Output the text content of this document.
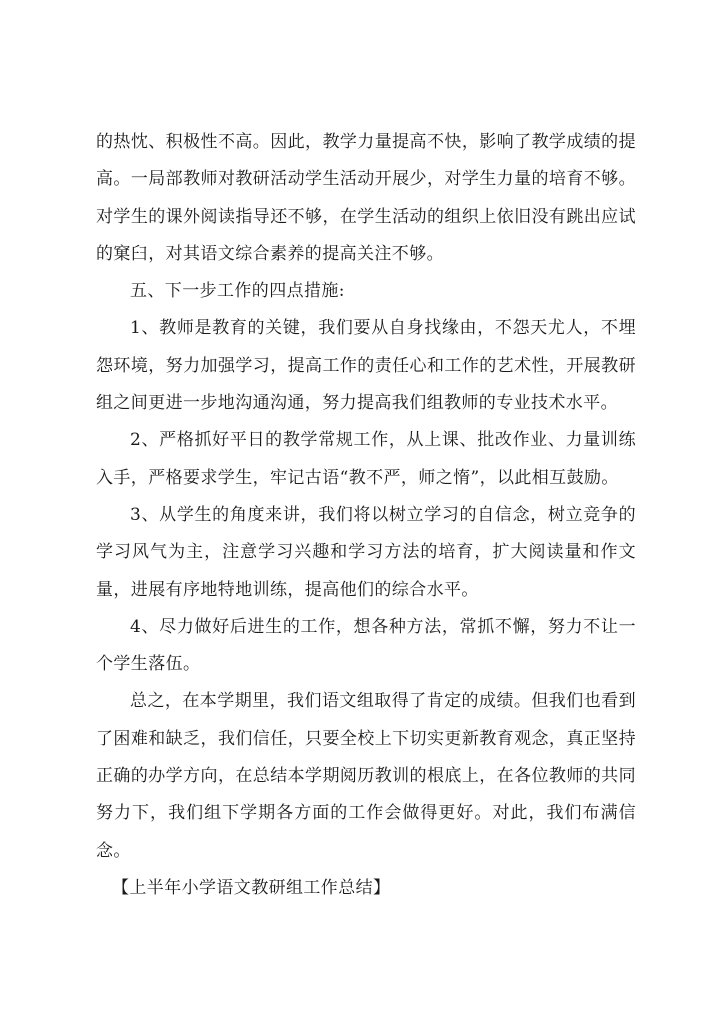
的热忱、积极性不高。因此，教学力量提高不快，影响了教学成绩的提高。一局部教师对教研活动学生活动开展少，对学生力量的培育不够。对学生的课外阅读指导还不够，在学生活动的组织上依旧没有跳出应试的窠臼，对其语文综合素养的提高关注不够。

五、下一步工作的四点措施:

1、教师是教育的关键，我们要从自身找缘由，不怨天尤人，不埋怨环境，努力加强学习，提高工作的责任心和工作的艺术性，开展教研组之间更进一步地沟通沟通，努力提高我们组教师的专业技术水平。

2、严格抓好平日的教学常规工作，从上课、批改作业、力量训练入手，严格要求学生，牢记古语“教不严，师之惰”，以此相互鼓励。

3、从学生的角度来讲，我们将以树立学习的自信念，树立竞争的学习风气为主，注意学习兴趣和学习方法的培育，扩大阅读量和作文量，进展有序地特地训练，提高他们的综合水平。

4、尽力做好后进生的工作，想各种方法，常抓不懈，努力不让一个学生落伍。

总之，在本学期里，我们语文组取得了肯定的成绩。但我们也看到了困难和缺乏，我们信任，只要全校上下切实更新教育观念，真正坚持正确的办学方向，在总结本学期阅历教训的根底上，在各位教师的共同努力下，我们组下学期各方面的工作会做得更好。对此，我们布满信念。

【上半年小学语文教研组工作总结】
